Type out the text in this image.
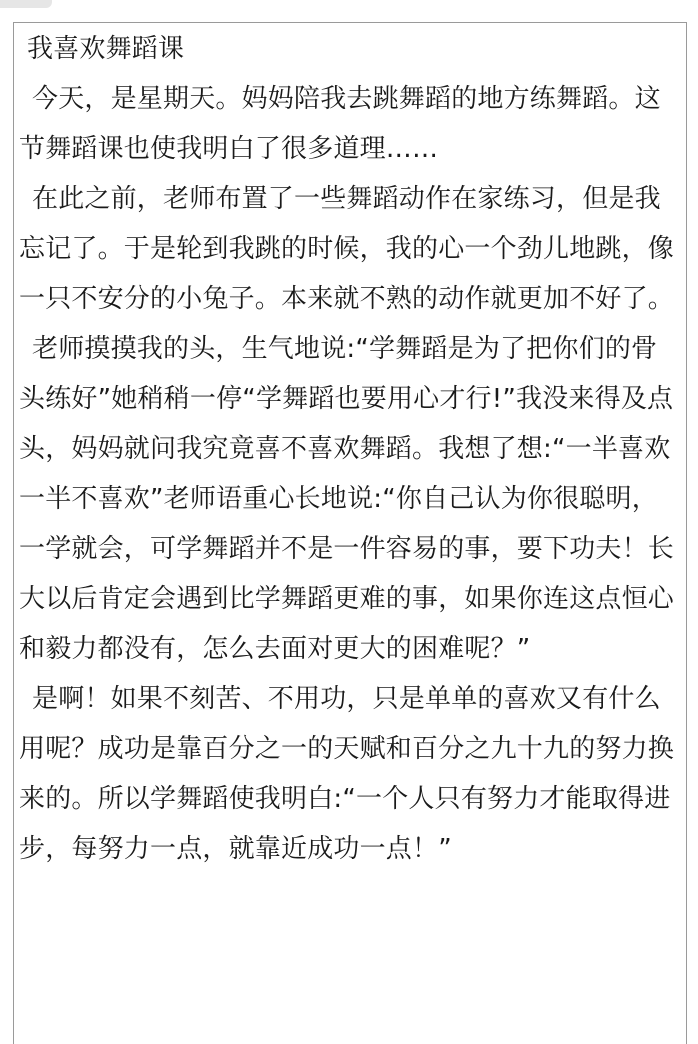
我喜欢舞蹈课

今天，是星期天。妈妈陪我去跳舞蹈的地方练舞蹈。这节舞蹈课也使我明白了很多道理……

在此之前，老师布置了一些舞蹈动作在家练习，但是我忘记了。于是轮到我跳的时候，我的心一个劲儿地跳，像一只不安分的小兔子。本来就不熟的动作就更加不好了。

老师摸摸我的头，生气地说:“学舞蹈是为了把你们的骨头练好”她稍稍一停“学舞蹈也要用心才行!”我没来得及点头，妈妈就问我究竟喜不喜欢舞蹈。我想了想:“一半喜欢一半不喜欢”老师语重心长地说:“你自己认为你很聪明，一学就会，可学舞蹈并不是一件容易的事，要下功夫！长大以后肯定会遇到比学舞蹈更难的事，如果你连这点恒心和毅力都没有，怎么去面对更大的困难呢？”

是啊！如果不刻苦、不用功，只是单单的喜欢又有什么用呢？成功是靠百分之一的天赋和百分之九十九的努力换来的。所以学舞蹈使我明白:“一个人只有努力才能取得进步，每努力一点，就靠近成功一点！”
